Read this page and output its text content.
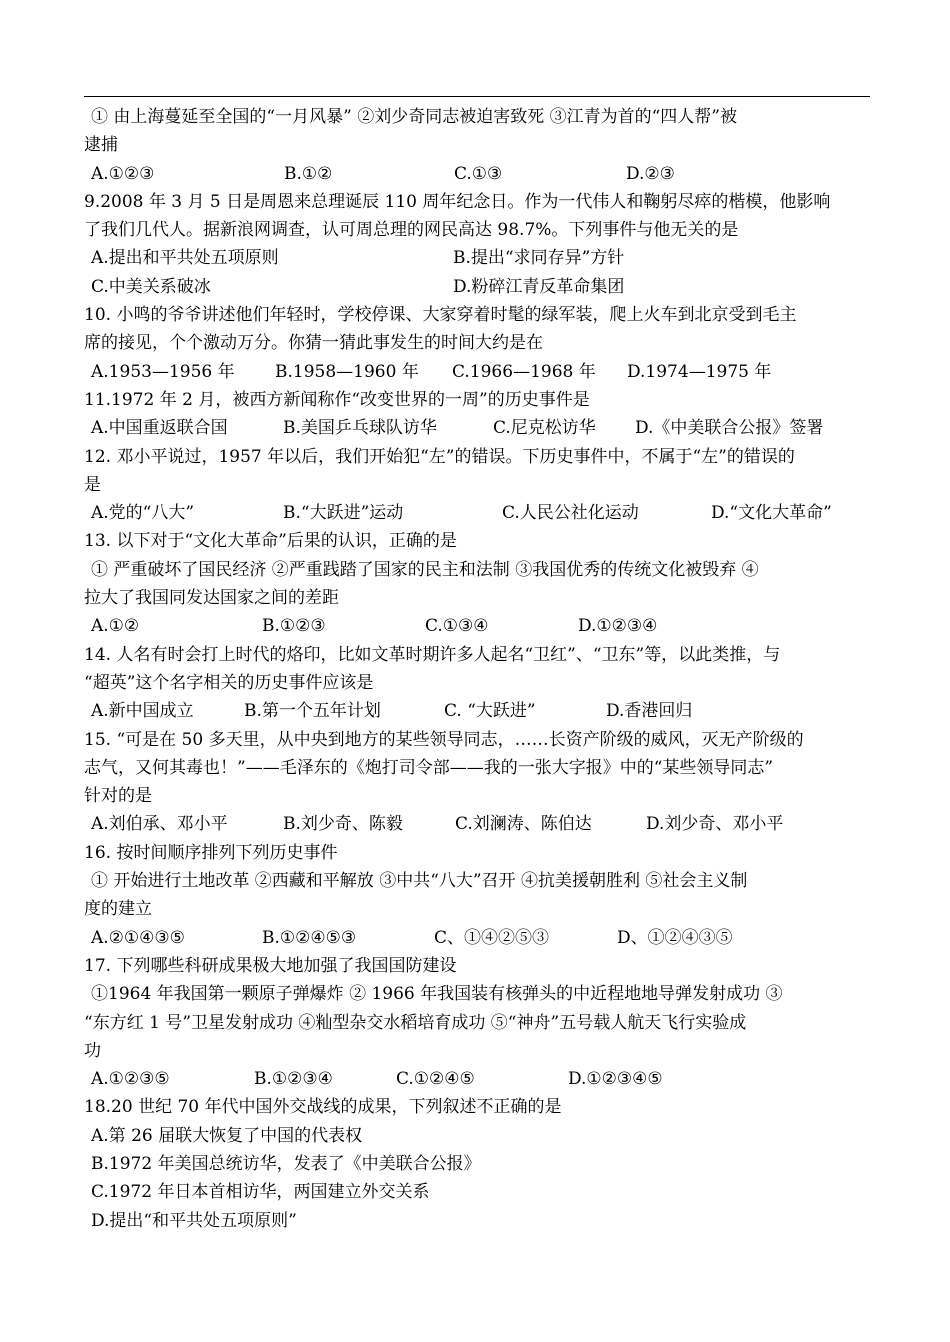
① 由上海蔓延至全国的“一月风暴” ②刘少奇同志被迫害致死 ③江青为首的“四人帮”被
逮捕
A.①②③	B.①②	C.①③	D.②③
9.2008 年 3 月 5 日是周恩来总理诞辰 110 周年纪念日。作为一代伟人和鞠躬尽瘁的楷模，他影响
了我们几代人。据新浪网调查，认可周总理的网民高达 98.7%。下列事件与他无关的是
A.提出和平共处五项原则	B.提出“求同存异”方针
C.中美关系破冰	D.粉碎江青反革命集团
10. 小鸣的爷爷讲述他们年轻时，学校停课、大家穿着时髦的绿军装，爬上火车到北京受到毛主
席的接见，个个激动万分。你猜一猜此事发生的时间大约是在
A.1953—1956 年	B.1958—1960 年	C.1966—1968 年	D.1974—1975 年
11.1972 年 2 月，被西方新闻称作“改变世界的一周”的历史事件是
A.中国重返联合国	B.美国乒乓球队访华	C.尼克松访华	D.《中美联合公报》签署
12. 邓小平说过，1957 年以后，我们开始犯“左”的错误。下历史事件中，不属于“左”的错误的
是
A.党的“八大”	B.“大跃进”运动	C.人民公社化运动	D.“文化大革命”
13. 以下对于“文化大革命”后果的认识，正确的是
① 严重破坏了国民经济 ②严重践踏了国家的民主和法制 ③我国优秀的传统文化被毁弃 ④
拉大了我国同发达国家之间的差距
A.①②	B.①②③	C.①③④	D.①②③④
14. 人名有时会打上时代的烙印，比如文革时期许多人起名“卫红”、“卫东”等，以此类推，与
“超英”这个名字相关的历史事件应该是
A.新中国成立	B.第一个五年计划	C. “大跃进”	D.香港回归
15. “可是在 50 多天里，从中央到地方的某些领导同志，……长资产阶级的威风，灭无产阶级的
志气，又何其毒也！”——毛泽东的《炮打司令部——我的一张大字报》中的“某些领导同志”
针对的是
A.刘伯承、邓小平	B.刘少奇、陈毅	C.刘澜涛、陈伯达	D.刘少奇、邓小平
16. 按时间顺序排列下列历史事件
① 开始进行土地改革 ②西藏和平解放 ③中共“八大”召开 ④抗美援朝胜利 ⑤社会主义制
度的建立
A.②①④③⑤	B.①②④⑤③	C、①④②⑤③	D、①②④③⑤
17. 下列哪些科研成果极大地加强了我国国防建设
①1964 年我国第一颗原子弹爆炸 ② 1966 年我国装有核弹头的中近程地地导弹发射成功 ③
“东方红 1 号”卫星发射成功 ④籼型杂交水稻培育成功 ⑤“神舟”五号载人航天飞行实验成
功
A.①②③⑤	B.①②③④	C.①②④⑤	D.①②③④⑤
18.20 世纪 70 年代中国外交战线的成果，下列叙述不正确的是
A.第 26 届联大恢复了中国的代表权
B.1972 年美国总统访华，发表了《中美联合公报》
C.1972 年日本首相访华，两国建立外交关系
D.提出“和平共处五项原则”
